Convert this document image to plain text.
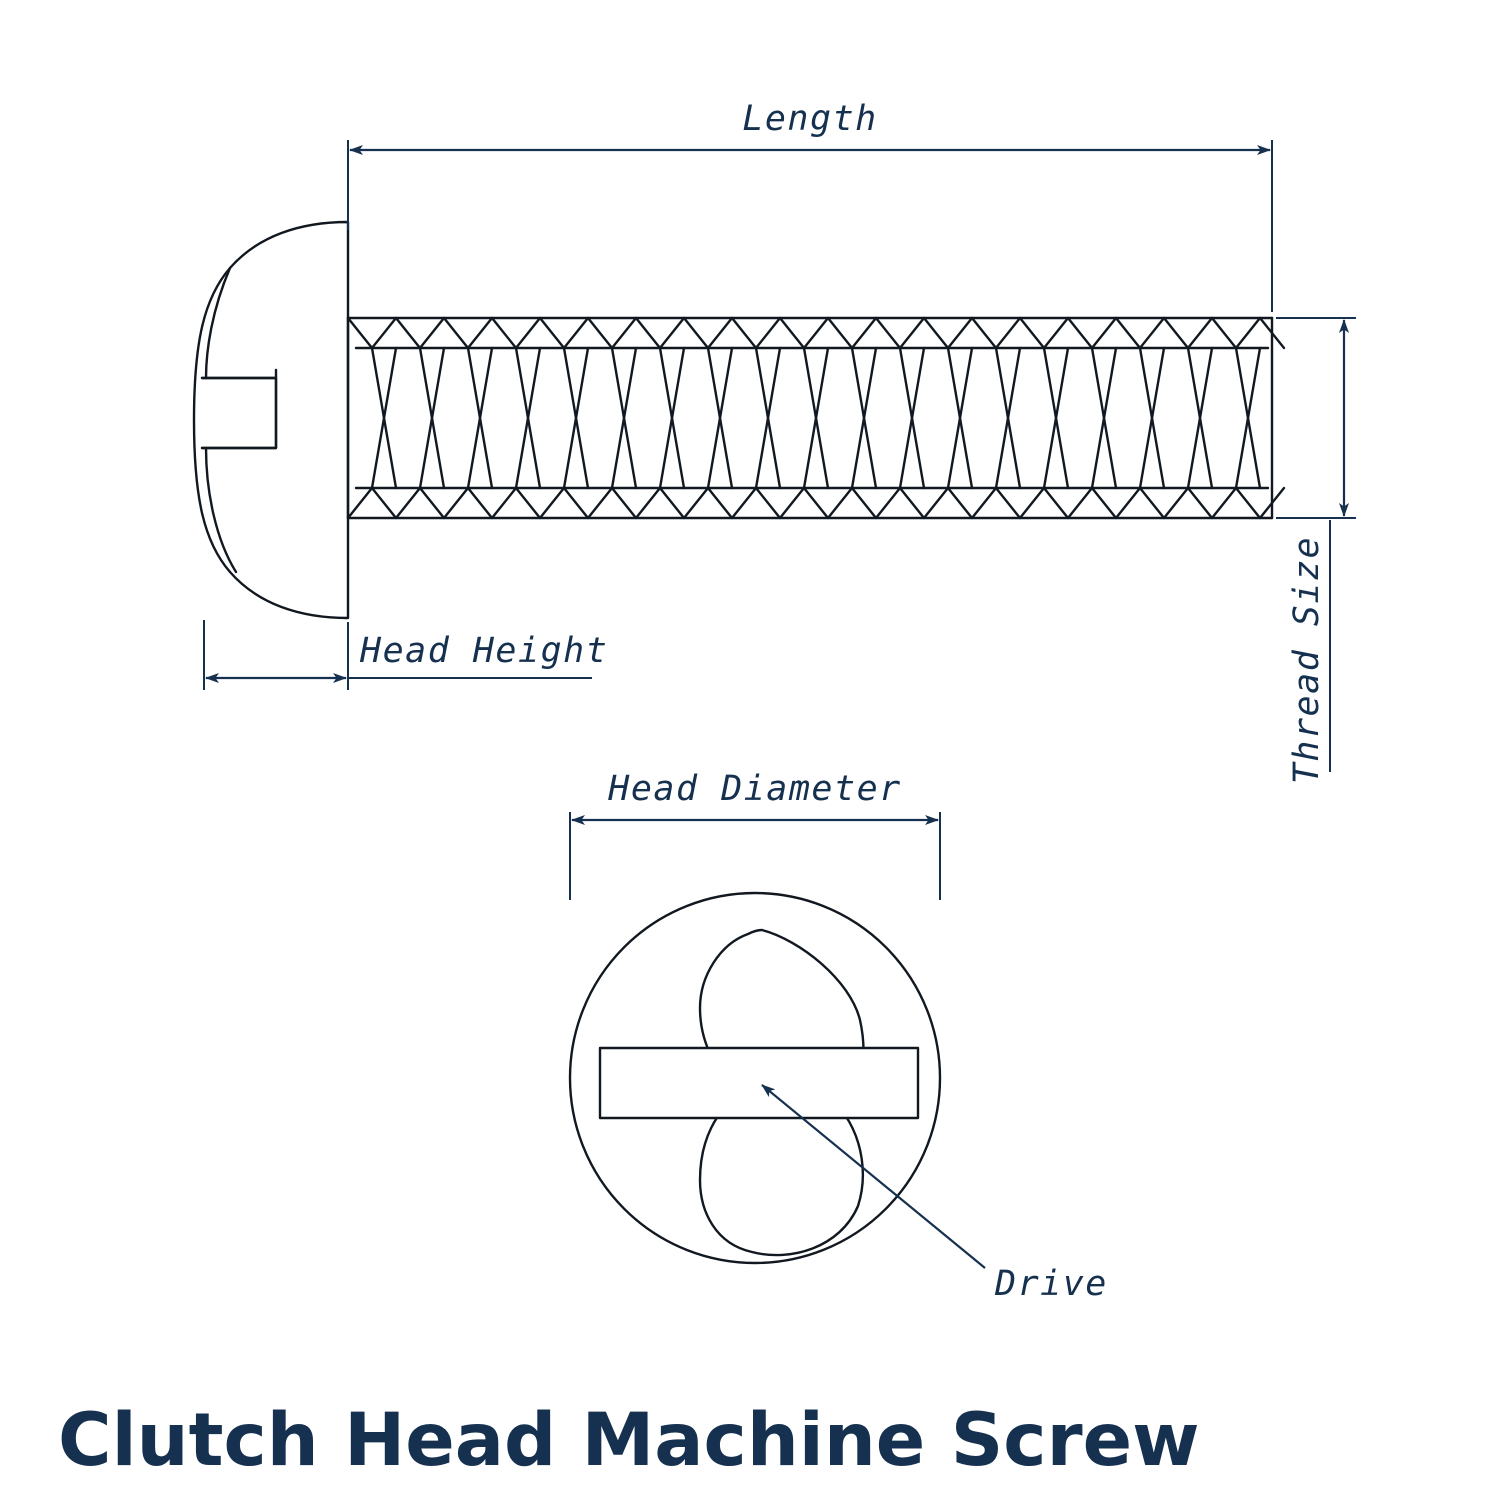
Length
Thread Size
Head Height
Head Diameter
Drive
Clutch Head Machine Screw
